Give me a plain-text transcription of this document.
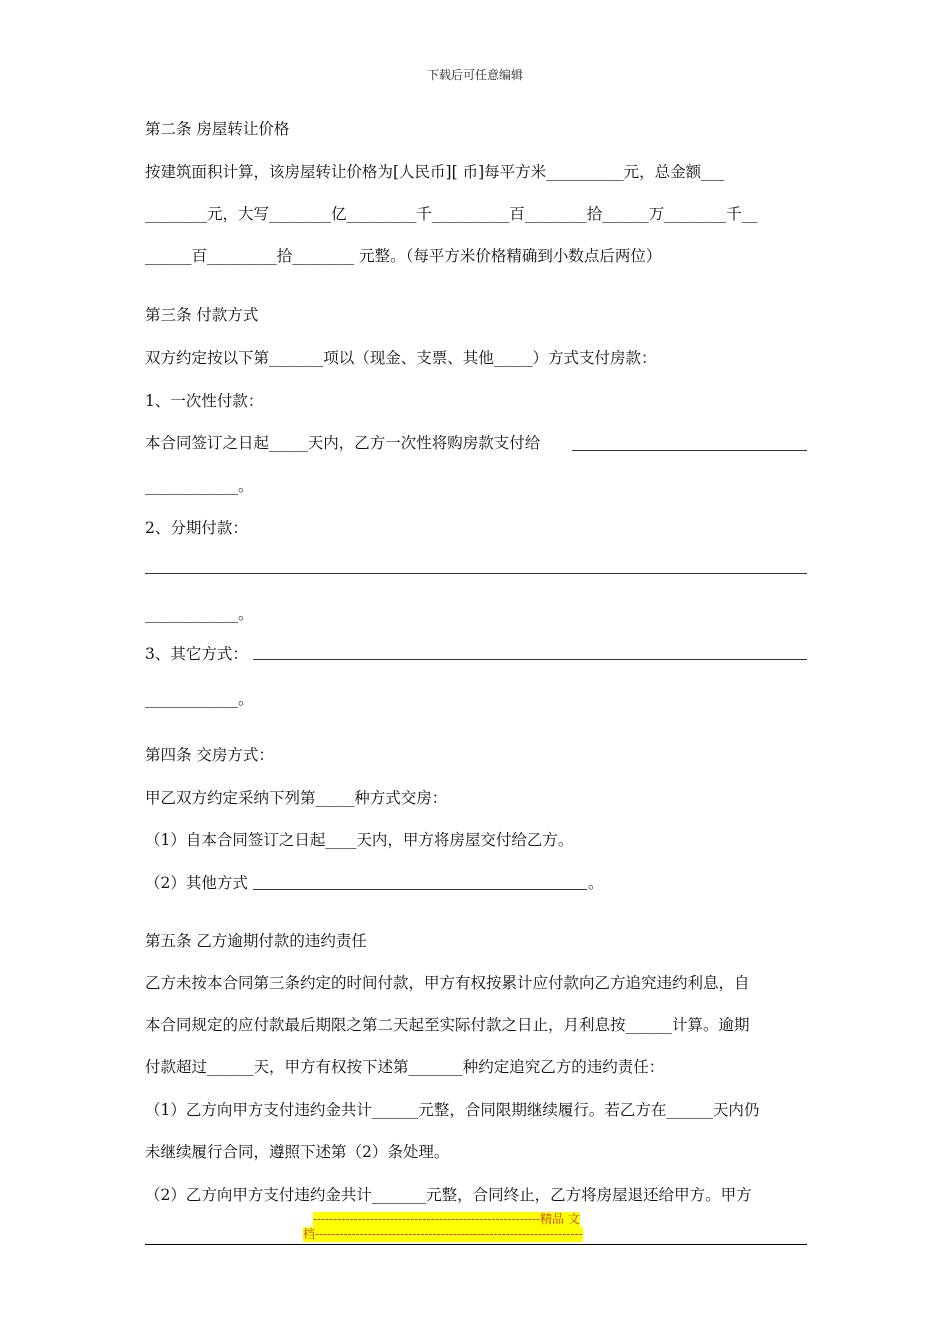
下载后可任意编辑
第二条 房屋转让价格
按建筑面积计算，该房屋转让价格为[人民币][ 币]每平方米__________元，总金额___
________元，大写________亿_________千__________百________拾______万________千__
______百_________拾________ 元整。（每平方米价格精确到小数点后两位）
第三条 付款方式
双方约定按以下第_______项以（现金、支票、其他_____）方式支付房款：
1、一次性付款：
本合同签订之日起_____天内，乙方一次性将购房款支付给
____________。
2、分期付款：
____________。
3、其它方式：
____________。
第四条 交房方式：
甲乙双方约定采纳下列第_____种方式交房：
（1）自本合同签订之日起____天内，甲方将房屋交付给乙方。
（2）其他方式	。
第五条 乙方逾期付款的违约责任
乙方未按本合同第三条约定的时间付款，甲方有权按累计应付款向乙方追究违约利息，自
本合同规定的应付款最后期限之第二天起至实际付款之日止，月利息按______计算。逾期
付款超过______天，甲方有权按下述第_______种约定追究乙方的违约责任：
（1）乙方向甲方支付违约金共计______元整，合同限期继续履行。若乙方在______天内仍
未继续履行合同，遵照下述第（2）条处理。
（2）乙方向甲方支付违约金共计_______元整，合同终止，乙方将房屋退还给甲方。甲方
--------------------------------------------------------精品 文
档------------------------------------------------------------------
